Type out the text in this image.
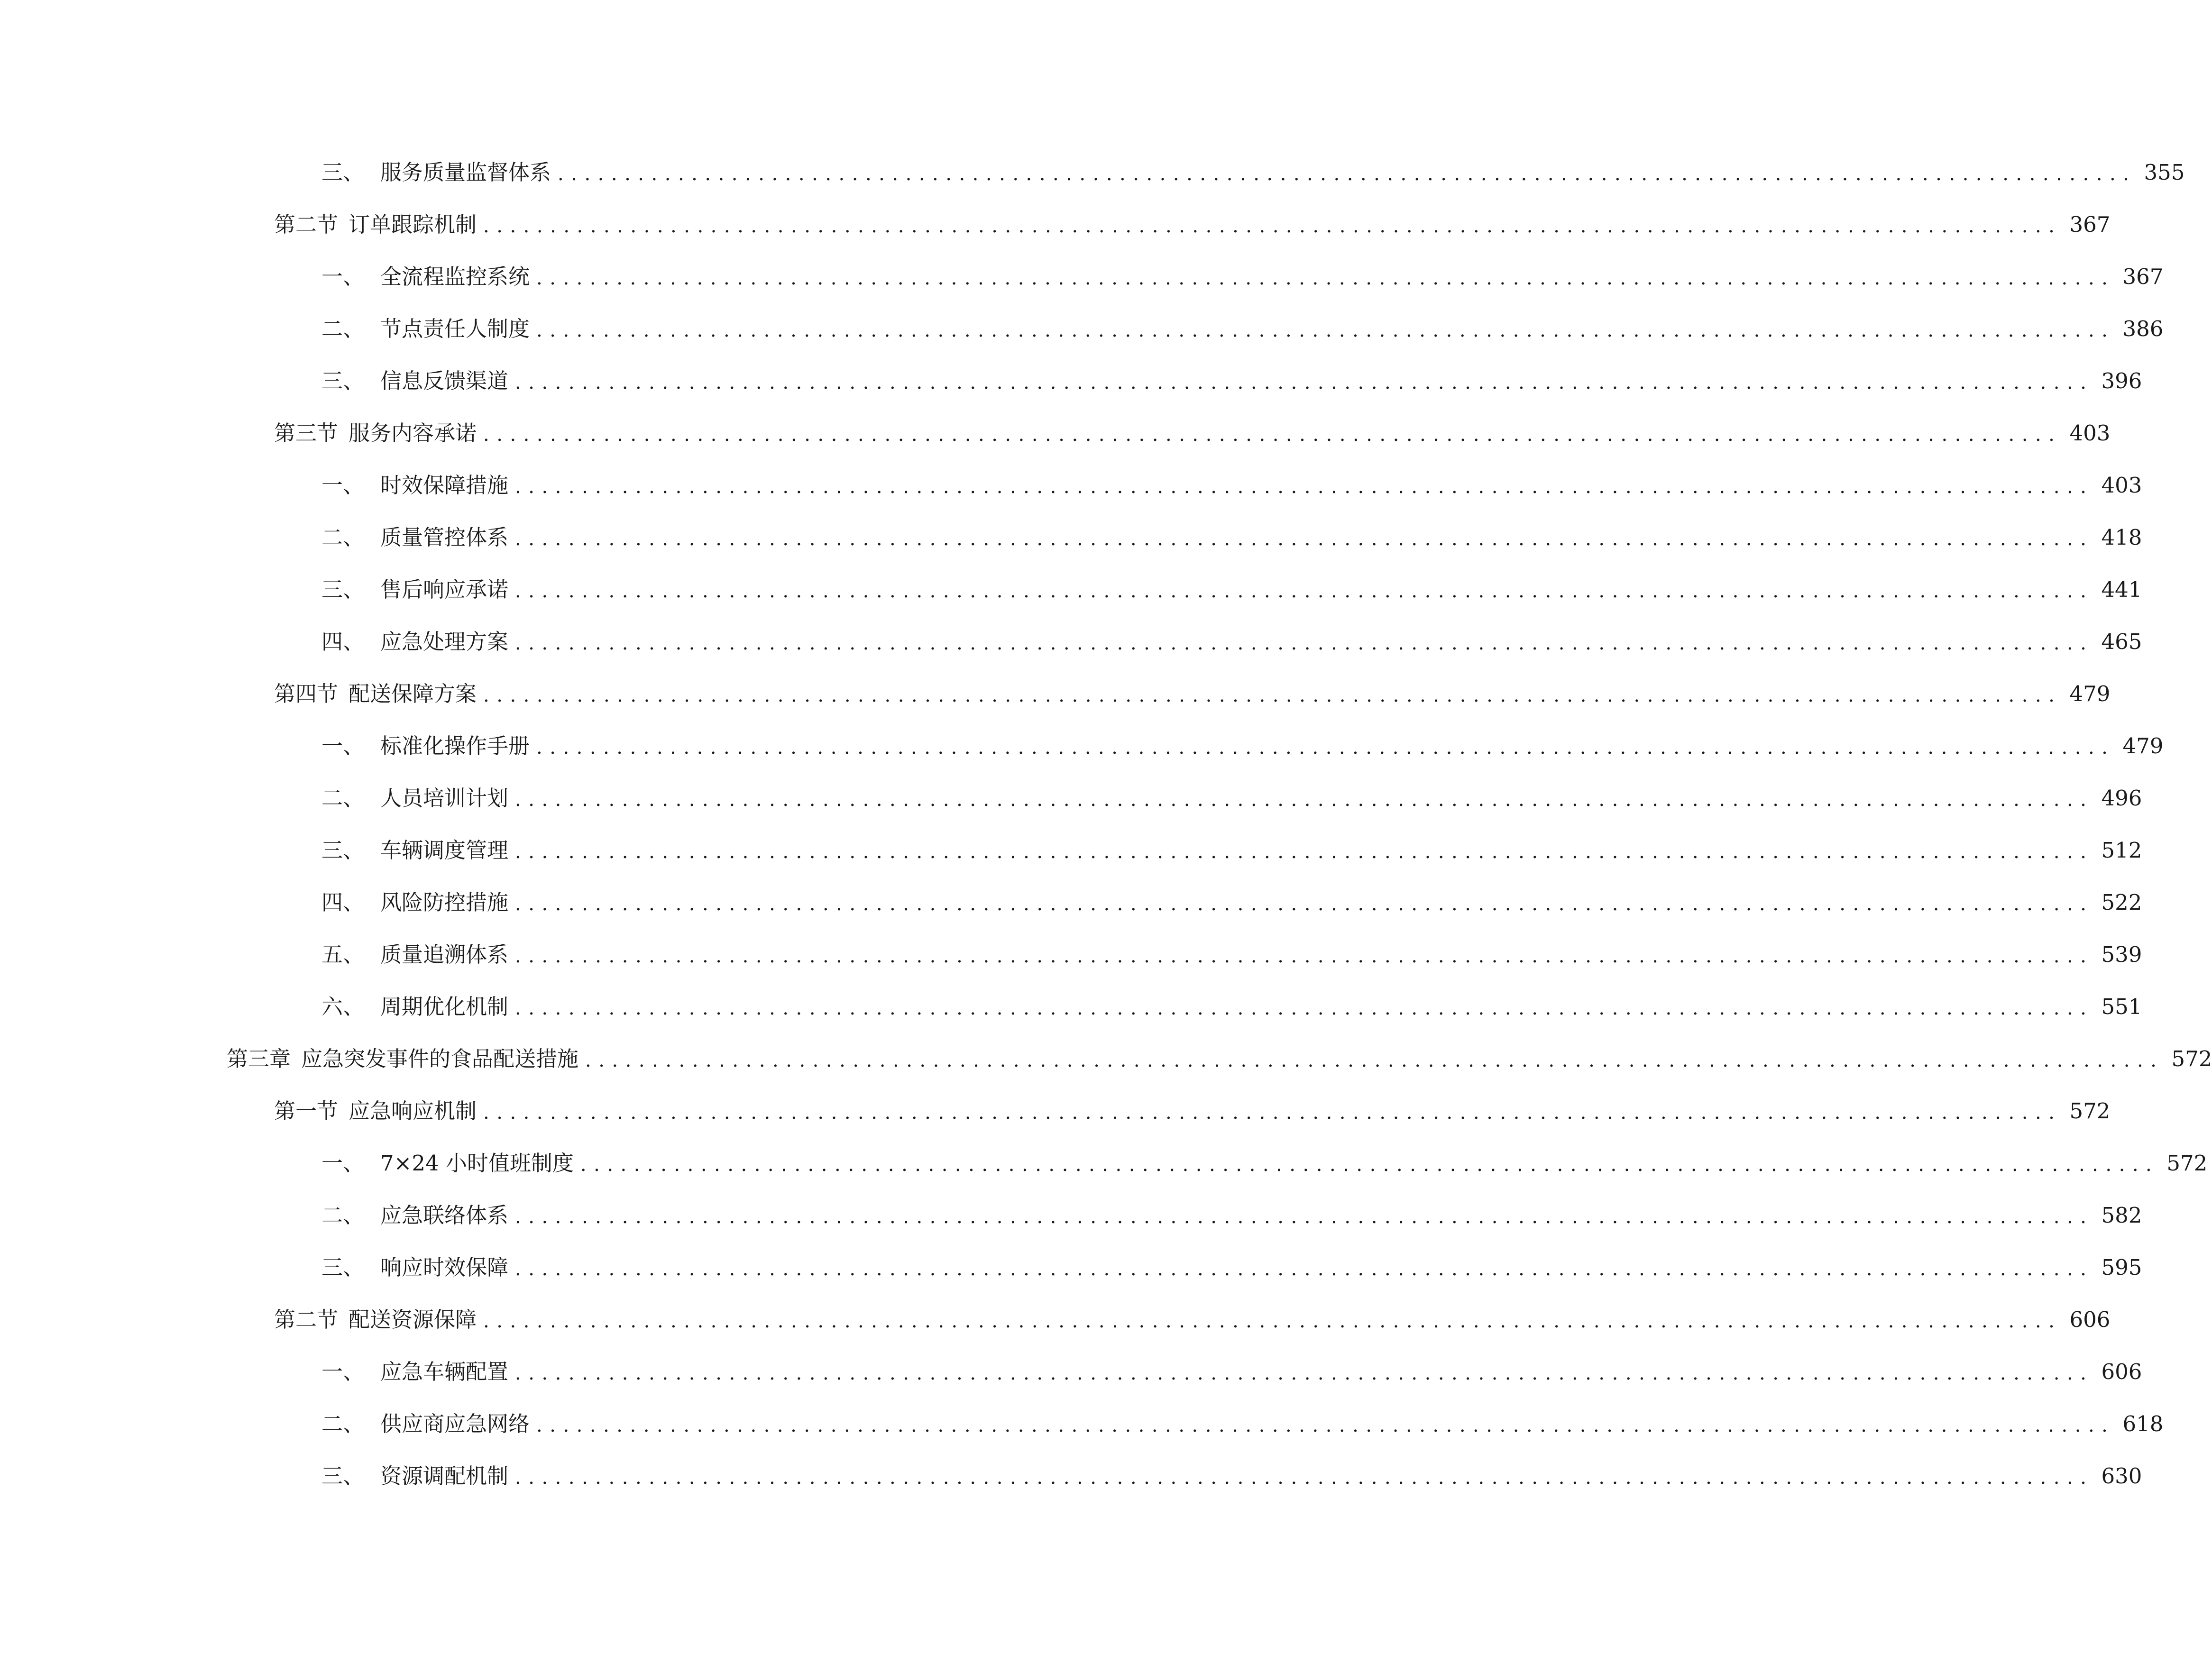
三、 服务质量监督体系 ...................................................................................................................... 355
第二节 订单跟踪机制 ...................................................................................................................... 367
一、 全流程监控系统 ...................................................................................................................... 367
二、 节点责任人制度 ...................................................................................................................... 386
三、 信息反馈渠道 ...................................................................................................................... 396
第三节 服务内容承诺 ...................................................................................................................... 403
一、 时效保障措施 ...................................................................................................................... 403
二、 质量管控体系 ...................................................................................................................... 418
三、 售后响应承诺 ...................................................................................................................... 441
四、 应急处理方案 ...................................................................................................................... 465
第四节 配送保障方案 ...................................................................................................................... 479
一、 标准化操作手册 ...................................................................................................................... 479
二、 人员培训计划 ...................................................................................................................... 496
三、 车辆调度管理 ...................................................................................................................... 512
四、 风险防控措施 ...................................................................................................................... 522
五、 质量追溯体系 ...................................................................................................................... 539
六、 周期优化机制 ...................................................................................................................... 551
第三章 应急突发事件的食品配送措施 ...................................................................................................................... 572
第一节 应急响应机制 ...................................................................................................................... 572
一、 7×24 小时值班制度 ...................................................................................................................... 572
二、 应急联络体系 ...................................................................................................................... 582
三、 响应时效保障 ...................................................................................................................... 595
第二节 配送资源保障 ...................................................................................................................... 606
一、 应急车辆配置 ...................................................................................................................... 606
二、 供应商应急网络 ...................................................................................................................... 618
三、 资源调配机制 ...................................................................................................................... 630
